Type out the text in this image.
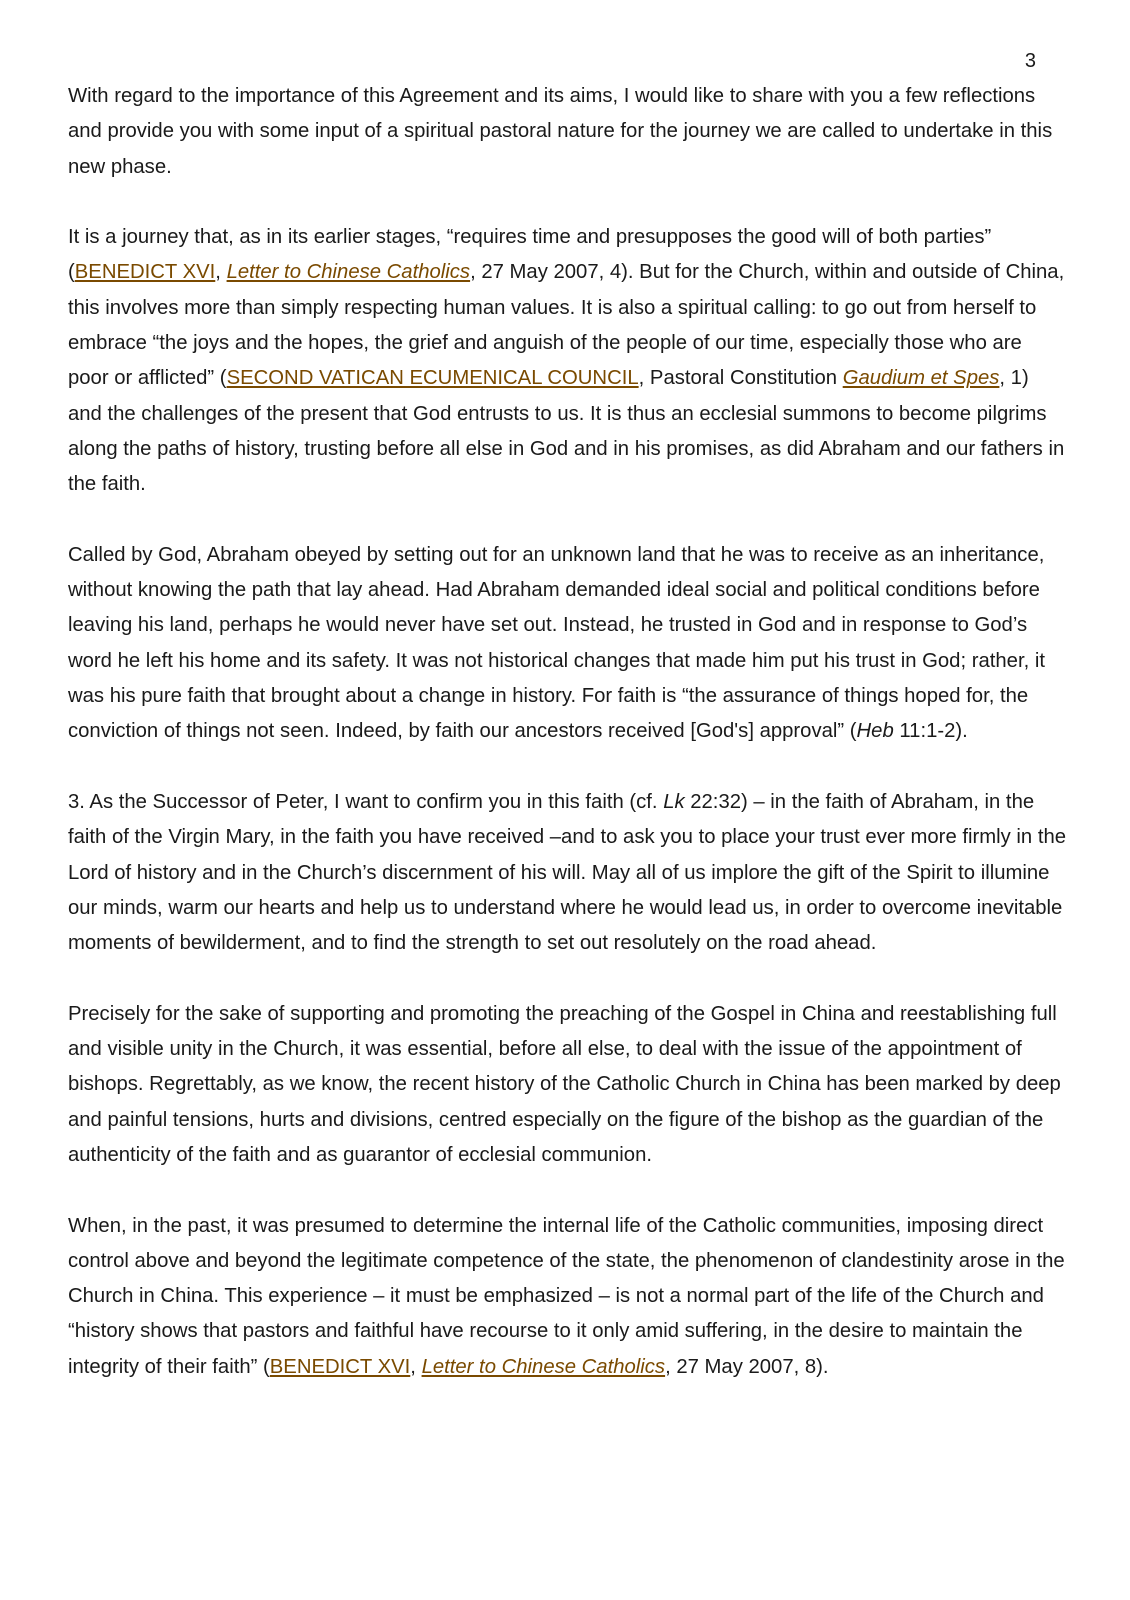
3

With regard to the importance of this Agreement and its aims, I would like to share with you a few reflections and provide you with some input of a spiritual pastoral nature for the journey we are called to undertake in this new phase.

It is a journey that, as in its earlier stages, “requires time and presupposes the good will of both parties” (BENEDICT XVI, Letter to Chinese Catholics, 27 May 2007, 4). But for the Church, within and outside of China, this involves more than simply respecting human values. It is also a spiritual calling: to go out from herself to embrace “the joys and the hopes, the grief and anguish of the people of our time, especially those who are poor or afflicted” (SECOND VATICAN ECUMENICAL COUNCIL, Pastoral Constitution Gaudium et Spes, 1) and the challenges of the present that God entrusts to us. It is thus an ecclesial summons to become pilgrims along the paths of history, trusting before all else in God and in his promises, as did Abraham and our fathers in the faith.

Called by God, Abraham obeyed by setting out for an unknown land that he was to receive as an inheritance, without knowing the path that lay ahead. Had Abraham demanded ideal social and political conditions before leaving his land, perhaps he would never have set out. Instead, he trusted in God and in response to God’s word he left his home and its safety. It was not historical changes that made him put his trust in God; rather, it was his pure faith that brought about a change in history. For faith is “the assurance of things hoped for, the conviction of things not seen. Indeed, by faith our ancestors received [God's] approval” (Heb 11:1-2).

3. As the Successor of Peter, I want to confirm you in this faith (cf. Lk 22:32) – in the faith of Abraham, in the faith of the Virgin Mary, in the faith you have received –and to ask you to place your trust ever more firmly in the Lord of history and in the Church’s discernment of his will. May all of us implore the gift of the Spirit to illumine our minds, warm our hearts and help us to understand where he would lead us, in order to overcome inevitable moments of bewilderment, and to find the strength to set out resolutely on the road ahead.

Precisely for the sake of supporting and promoting the preaching of the Gospel in China and reestablishing full and visible unity in the Church, it was essential, before all else, to deal with the issue of the appointment of bishops. Regrettably, as we know, the recent history of the Catholic Church in China has been marked by deep and painful tensions, hurts and divisions, centred especially on the figure of the bishop as the guardian of the authenticity of the faith and as guarantor of ecclesial communion.

When, in the past, it was presumed to determine the internal life of the Catholic communities, imposing direct control above and beyond the legitimate competence of the state, the phenomenon of clandestinity arose in the Church in China. This experience – it must be emphasized – is not a normal part of the life of the Church and “history shows that pastors and faithful have recourse to it only amid suffering, in the desire to maintain the integrity of their faith” (BENEDICT XVI, Letter to Chinese Catholics, 27 May 2007, 8).
